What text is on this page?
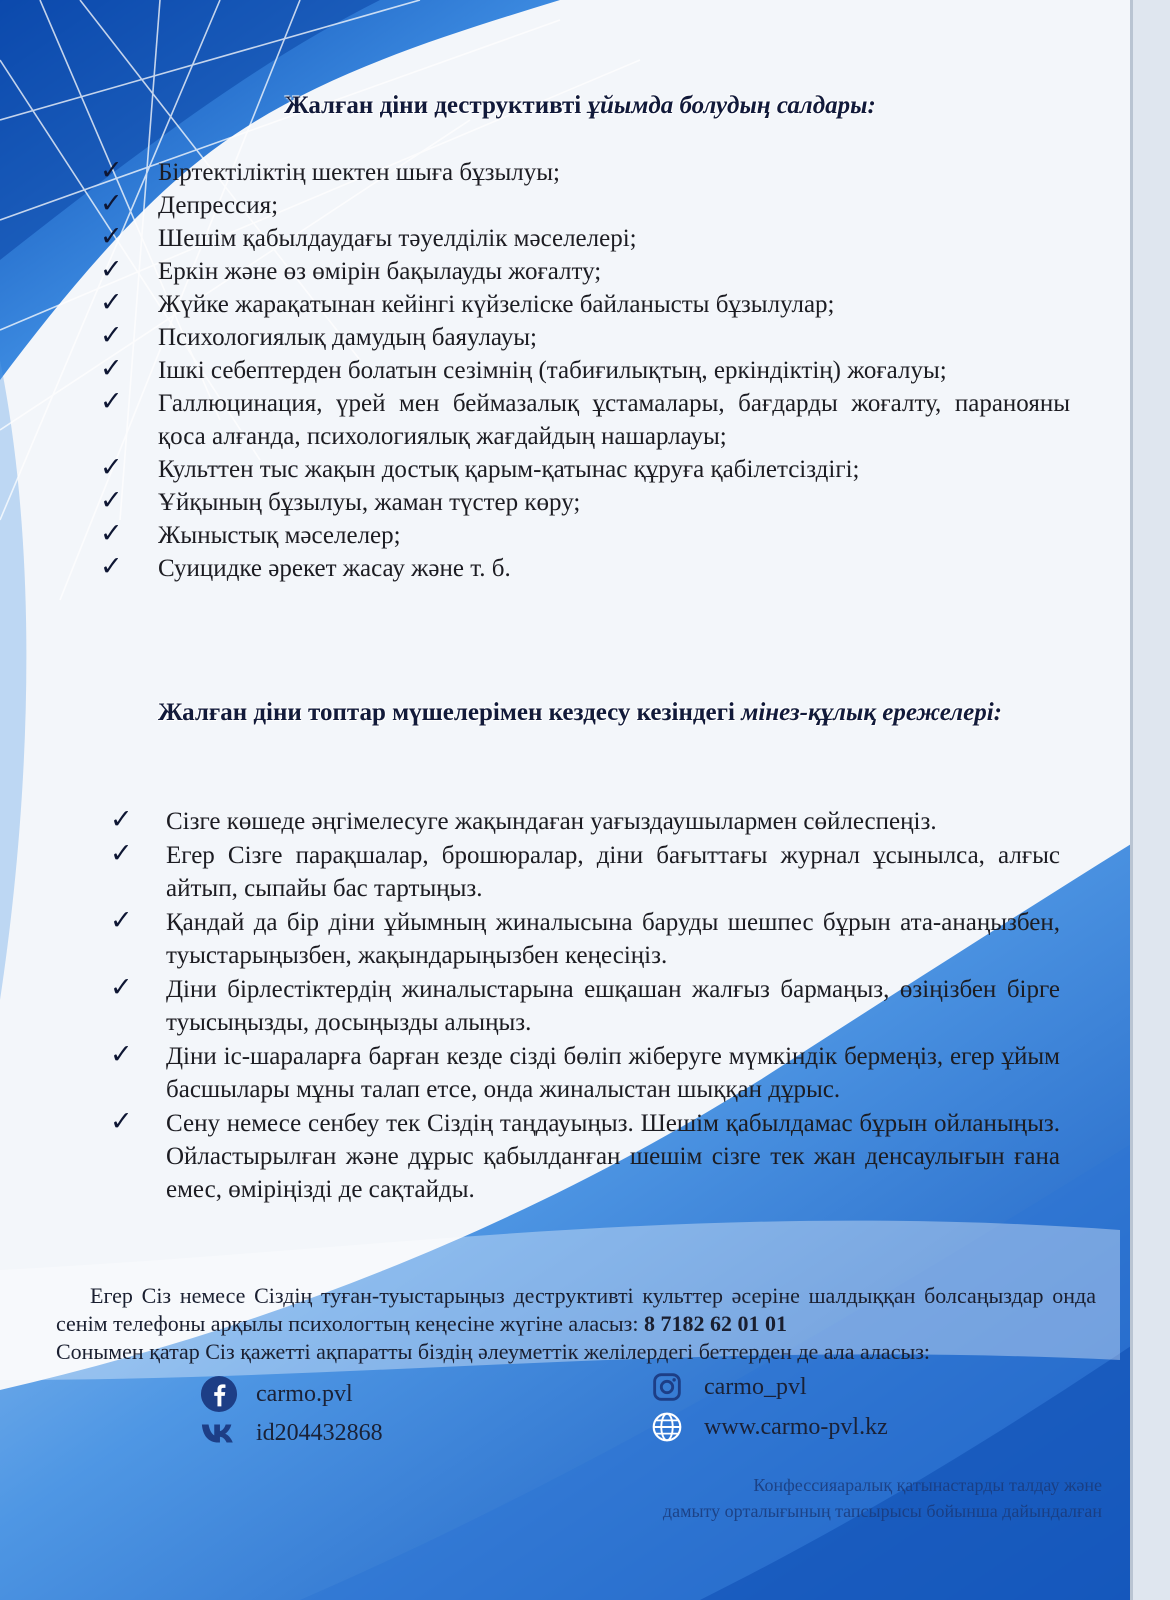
Жалған діни деструктивті ұйымда болудың салдары:
✓ Біртектіліктің шектен шыға бұзылуы;
✓ Депрессия;
✓ Шешім қабылдаудағы тәуелділік мәселелері;
✓ Еркін және өз өмірін бақылауды жоғалту;
✓ Жүйке жарақатынан кейінгі күйзеліске байланысты бұзылулар;
✓ Психологиялық дамудың баяулауы;
✓ Ішкі себептерден болатын сезімнің (табиғилықтың, еркіндіктің) жоғалуы;
✓ Галлюцинация, үрей мен беймазалық ұстамалары, бағдарды жоғалту, паранояны қоса алғанда, психологиялық жағдайдың нашарлауы;
✓ Культтен тыс жақын достық қарым-қатынас құруға қабілетсіздігі;
✓ Ұйқының бұзылуы, жаман түстер көру;
✓ Жыныстық мәселелер;
✓ Суицидке әрекет жасау және т. б.
Жалған діни топтар мүшелерімен кездесу кезіндегі мінез-құлық ережелері:
✓ Сізге көшеде әңгімелесуге жақындаған уағыздаушылармен сөйлеспеңіз.
✓ Егер Сізге парақшалар, брошюралар, діни бағыттағы журнал ұсынылса, алғыс айтып, сыпайы бас тартыңыз.
✓ Қандай да бір діни ұйымның жиналысына баруды шешпес бұрын ата-анаңызбен, туыстарыңызбен, жақындарыңызбен кеңесіңіз.
✓ Діни бірлестіктердің жиналыстарына ешқашан жалғыз бармаңыз, өзіңізбен бірге туысыңызды, досыңызды алыңыз.
✓ Діни іс-шараларға барған кезде сізді бөліп жіберуге мүмкіндік бермеңіз, егер ұйым басшылары мұны талап етсе, онда жиналыстан шыққан дұрыс.
✓ Сену немесе сенбеу тек Сіздің таңдауыңыз. Шешім қабылдамас бұрын ойланыңыз. Ойластырылған және дұрыс қабылданған шешім сізге тек жан денсаулығын ғана емес, өміріңізді де сақтайды.

Егер Сіз немесе Сіздің туған-туыстарыңыз деструктивті культтер әсеріне шалдыққан болсаңыздар онда сенім телефоны арқылы психологтың кеңесіне жүгіне аласыз: 8 7182 62 01 01

Сонымен қатар Сіз қажетті ақпаратты біздің әлеуметтік желілердегі беттерден де ала аласыз:

carmo.pvl
id204432868
carmo_pvl
www.carmo-pvl.kz
Конфессияаралық қатынастарды талдау және
дамыту орталығының тапсырысы бойынша дайындалған
